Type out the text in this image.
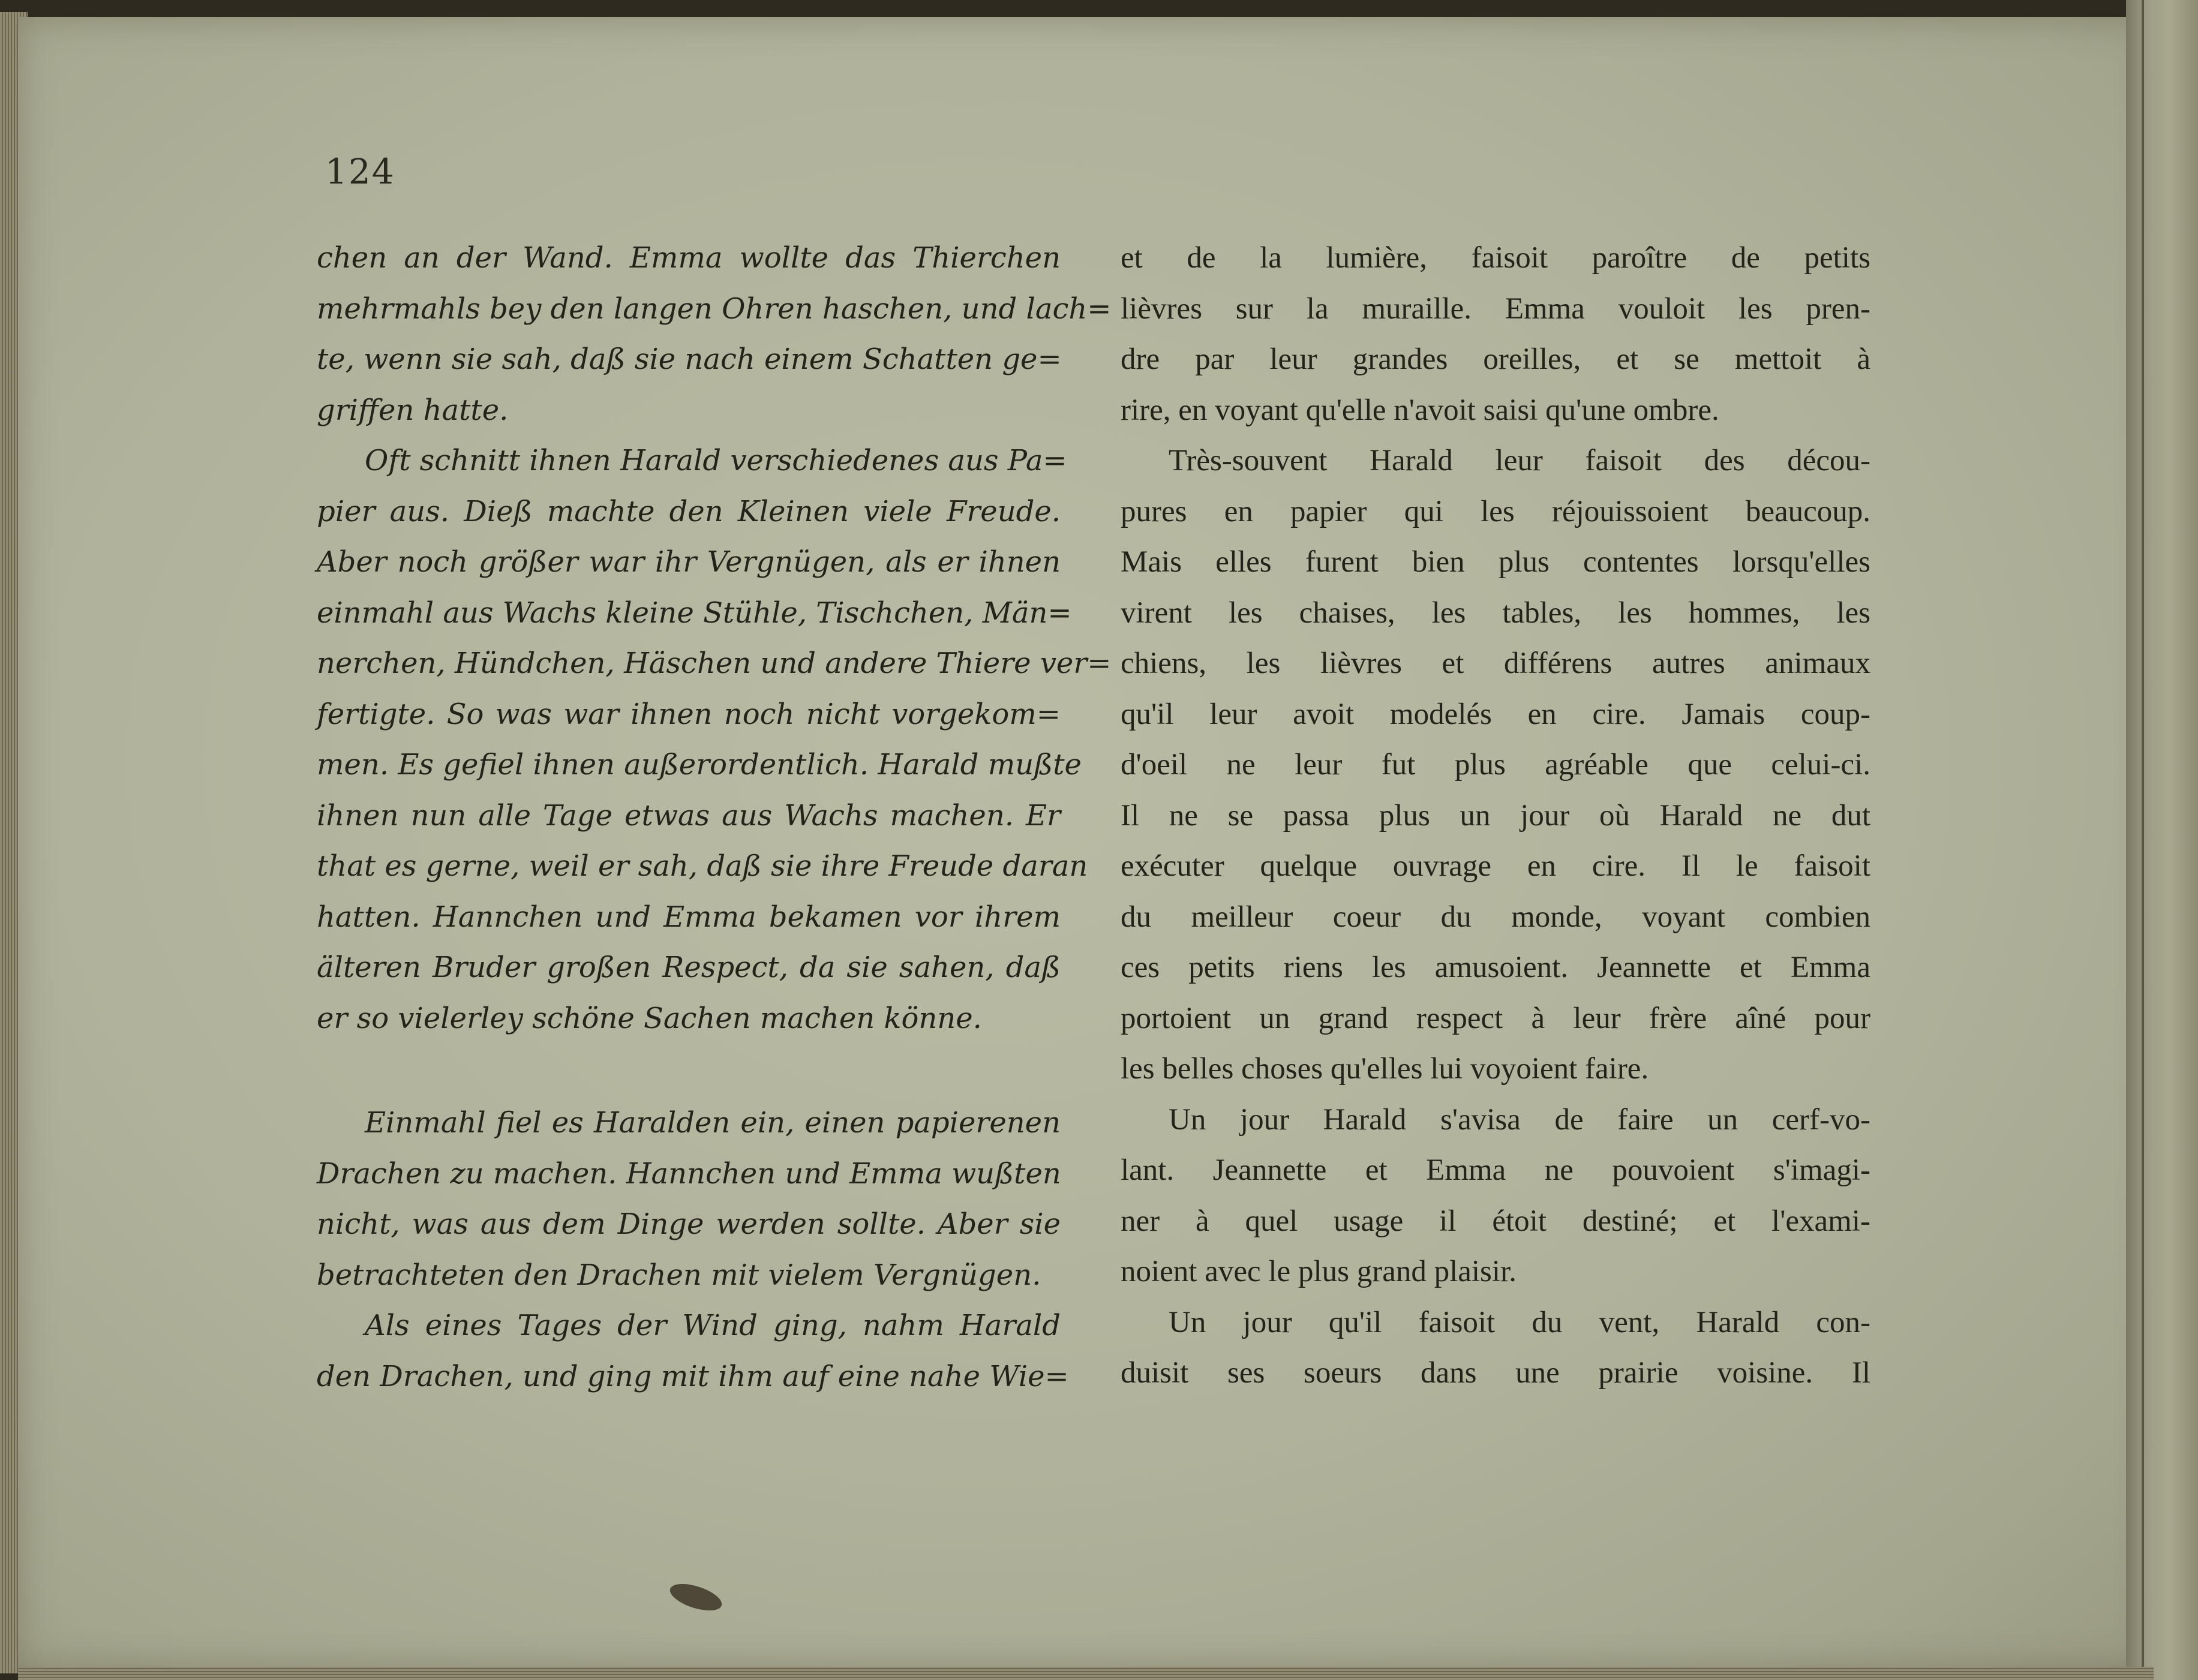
124
chen an der Wand. Emma wollte das Thierchen
mehrmahls bey den langen Ohren haschen, und lach=
te, wenn sie sah, daß sie nach einem Schatten ge=
griffen hatte.
Oft schnitt ihnen Harald verschiedenes aus Pa=
pier aus. Dieß machte den Kleinen viele Freude.
Aber noch größer war ihr Vergnügen, als er ihnen
einmahl aus Wachs kleine Stühle, Tischchen, Män=
nerchen, Hündchen, Häschen und andere Thiere ver=
fertigte. So was war ihnen noch nicht vorgekom=
men. Es gefiel ihnen außerordentlich. Harald mußte
ihnen nun alle Tage etwas aus Wachs machen. Er
that es gerne, weil er sah, daß sie ihre Freude daran
hatten. Hannchen und Emma bekamen vor ihrem
älteren Bruder großen Respect, da sie sahen, daß
er so vielerley schöne Sachen machen könne.
Einmahl fiel es Haralden ein, einen papierenen
Drachen zu machen. Hannchen und Emma wußten
nicht, was aus dem Dinge werden sollte. Aber sie
betrachteten den Drachen mit vielem Vergnügen.
Als eines Tages der Wind ging, nahm Harald
den Drachen, und ging mit ihm auf eine nahe Wie=
et de la lumière, faisoit paroître de petits
lièvres sur la muraille. Emma vouloit les pren-
dre par leur grandes oreilles, et se mettoit à
rire, en voyant qu'elle n'avoit saisi qu'une ombre.
Très-souvent Harald leur faisoit des décou-
pures en papier qui les réjouissoient beaucoup.
Mais elles furent bien plus contentes lorsqu'elles
virent les chaises, les tables, les hommes, les
chiens, les lièvres et différens autres animaux
qu'il leur avoit modelés en cire. Jamais coup-
d'oeil ne leur fut plus agréable que celui-ci.
Il ne se passa plus un jour où Harald ne dut
exécuter quelque ouvrage en cire. Il le faisoit
du meilleur coeur du monde, voyant combien
ces petits riens les amusoient. Jeannette et Emma
portoient un grand respect à leur frère aîné pour
les belles choses qu'elles lui voyoient faire.
Un jour Harald s'avisa de faire un cerf-vo-
lant. Jeannette et Emma ne pouvoient s'imagi-
ner à quel usage il étoit destiné; et l'exami-
noient avec le plus grand plaisir.
Un jour qu'il faisoit du vent, Harald con-
duisit ses soeurs dans une prairie voisine. Il
